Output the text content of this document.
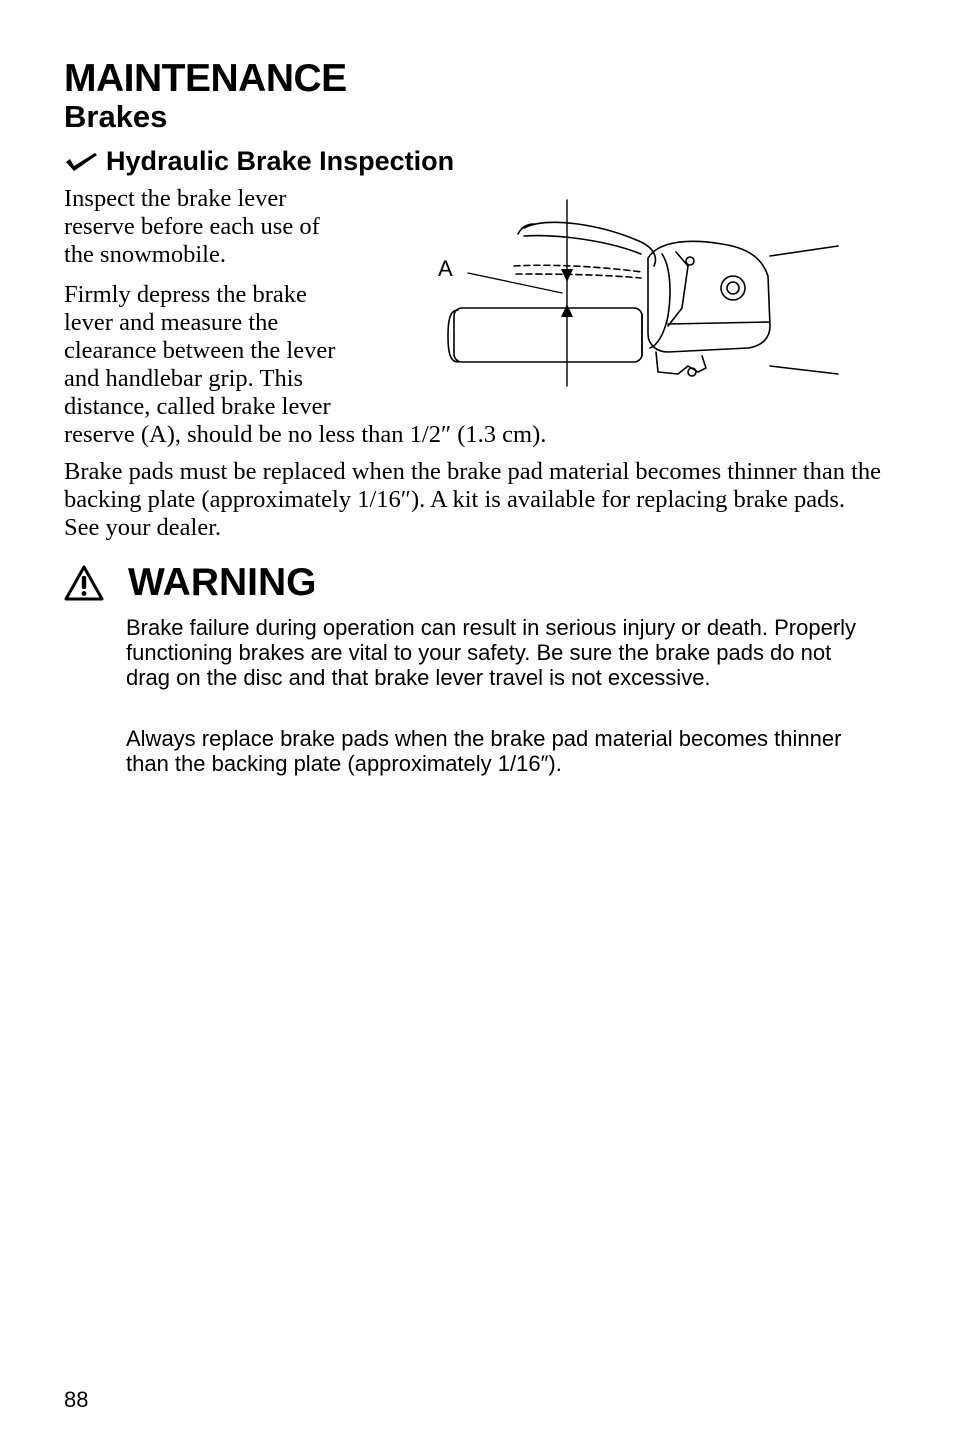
MAINTENANCE
Brakes
Hydraulic Brake Inspection

Inspect the brake lever
reserve before each use of
the snowmobile.

Firmly depress the brake
lever and measure the
clearance between the lever
and handlebar grip. This
distance, called brake lever

reserve (A), should be no less than 1/2″ (1.3 cm).

Brake pads must be replaced when the brake pad material becomes thinner than the backing plate (approximately 1/16″). A kit is available for replacing brake pads. See your dealer.

A
WARNING

Brake failure during operation can result in serious injury or death. Properly functioning brakes are vital to your safety. Be sure the brake pads do not drag on the disc and that brake lever travel is not excessive.

Always replace brake pads when the brake pad material becomes thinner than the backing plate (approximately 1/16″).

88
